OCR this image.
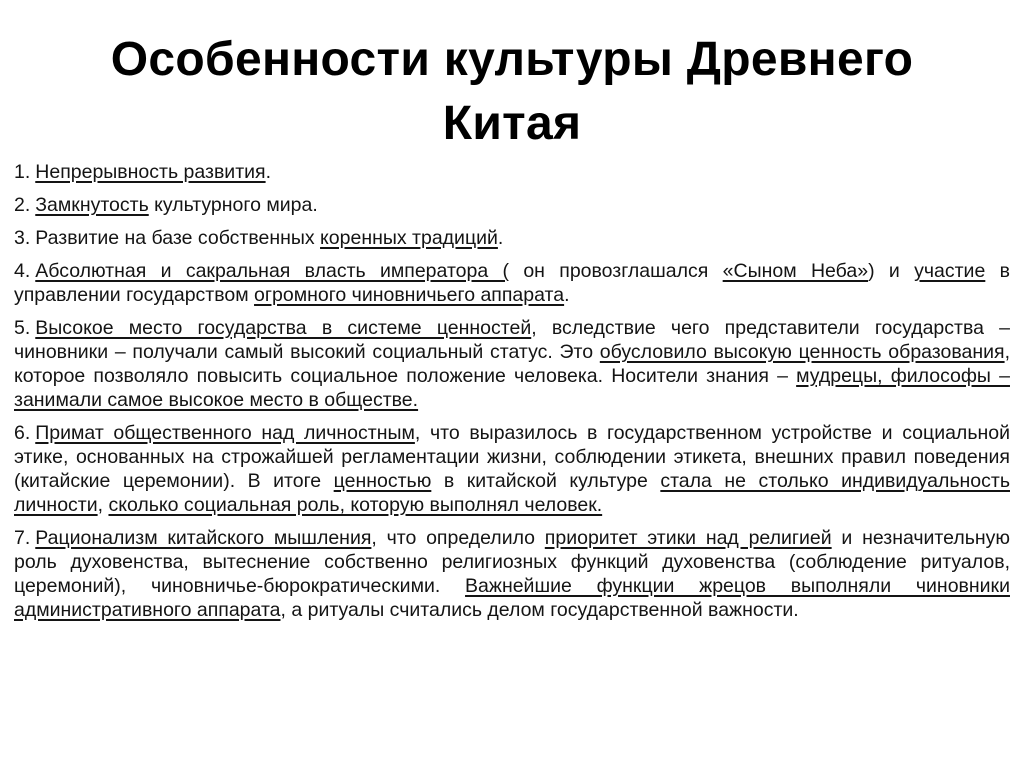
Особенности культуры Древнего
Китая
1. Непрерывность развития.
2. Замкнутость культурного мира.
3. Развитие на базе собственных коренных традиций.
4. Абсолютная и сакральная власть императора ( он провозглашался «Сыном Неба») и участие в управлении государством огромного чиновничьего аппарата.
5. Высокое место государства в системе ценностей, вследствие чего представители государства – чиновники – получали самый высокий социальный статус. Это обусловило высокую ценность образования, которое позволяло повысить социальное положение человека. Носители знания – мудрецы, философы – занимали самое высокое место в обществе.
6. Примат общественного над личностным, что выразилось в государственном устройстве и социальной этике, основанных на строжайшей регламентации жизни, соблюдении этикета, внешних правил поведения (китайские церемонии). В итоге ценностью в китайской культуре стала не столько индивидуальность личности, сколько социальная роль, которую выполнял человек.
7. Рационализм китайского мышления, что определило приоритет этики над религией и незначительную роль духовенства, вытеснение собственно религиозных функций духовенства (соблюдение ритуалов, церемоний), чиновничье-бюрократическими. Важнейшие функции жрецов выполняли чиновники административного аппарата, а ритуалы считались делом государственной важности.
